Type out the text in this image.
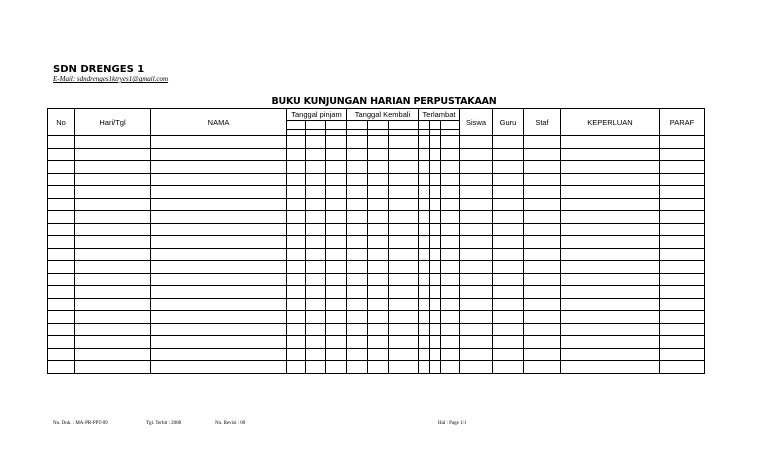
SDN DRENGES 1
E-Mail: sdndrenges1ktryes1@gmail.com
BUKU KUNJUNGAN HARIAN PERPUSTAKAAN
No	Hari/Tgl	NAMA	Tanggal pinjam			Tanggal Kembali			Terlambat			Siswa	Guru	Staf	KEPERLUAN	PARAF

No. Dok. : MA-PR-PPT-09	Tgl. Terbit : 2008	No. Revisi : 00	Hal : Page 1/1
